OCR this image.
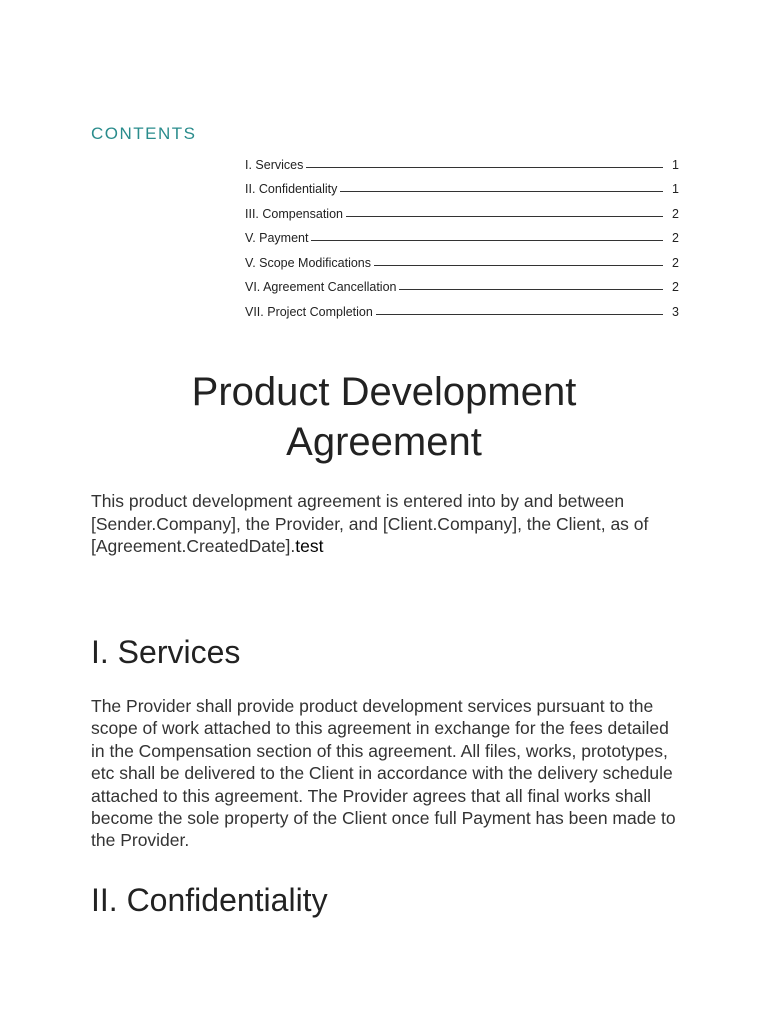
CONTENTS
I. Services	1
II. Confidentiality	1
III. Compensation	2
V. Payment	2
V. Scope Modifications	2
VI. Agreement Cancellation	2
VII. Project Completion	3
Product Development
Agreement

This product development agreement is entered into by and between [Sender.Company], the Provider, and [Client.Company], the Client, as of [Agreement.CreatedDate].test

I. Services

The Provider shall provide product development services pursuant to the scope of work attached to this agreement in exchange for the fees detailed in the Compensation section of this agreement. All files, works, prototypes, etc shall be delivered to the Client in accordance with the delivery schedule attached to this agreement. The Provider agrees that all final works shall become the sole property of the Client once full Payment has been made to the Provider.

II. Confidentiality
